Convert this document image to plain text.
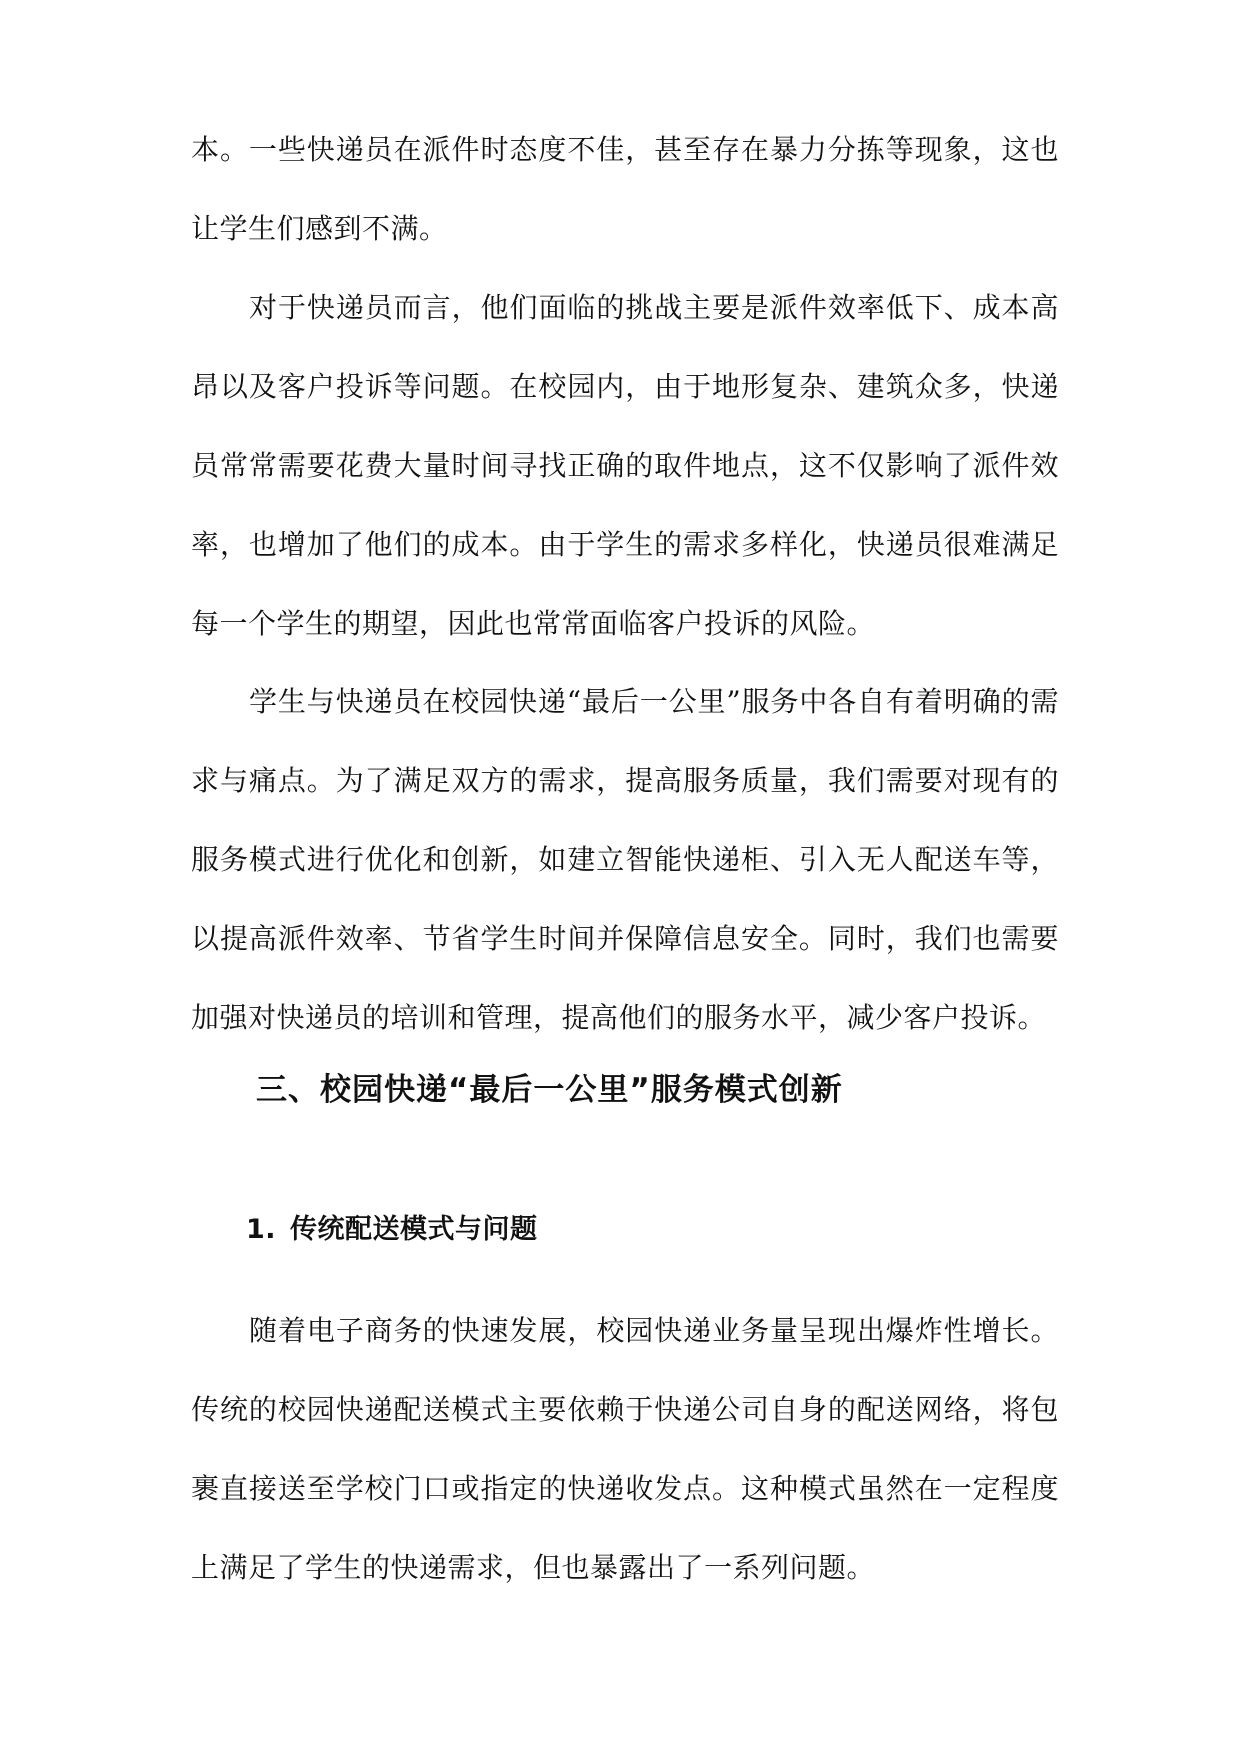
本。一些快递员在派件时态度不佳，甚至存在暴力分拣等现象，这也让学生们感到不满。

对于快递员而言，他们面临的挑战主要是派件效率低下、成本高昂以及客户投诉等问题。在校园内，由于地形复杂、建筑众多，快递员常常需要花费大量时间寻找正确的取件地点，这不仅影响了派件效率，也增加了他们的成本。由于学生的需求多样化，快递员很难满足每一个学生的期望，因此也常常面临客户投诉的风险。

学生与快递员在校园快递“最后一公里”服务中各自有着明确的需求与痛点。为了满足双方的需求，提高服务质量，我们需要对现有的服务模式进行优化和创新，如建立智能快递柜、引入无人配送车等，以提高派件效率、节省学生时间并保障信息安全。同时，我们也需要加强对快递员的培训和管理，提高他们的服务水平，减少客户投诉。

三、校园快递“最后一公里”服务模式创新
1. 传统配送模式与问题

随着电子商务的快速发展，校园快递业务量呈现出爆炸性增长。传统的校园快递配送模式主要依赖于快递公司自身的配送网络，将包裹直接送至学校门口或指定的快递收发点。这种模式虽然在一定程度上满足了学生的快递需求，但也暴露出了一系列问题。
